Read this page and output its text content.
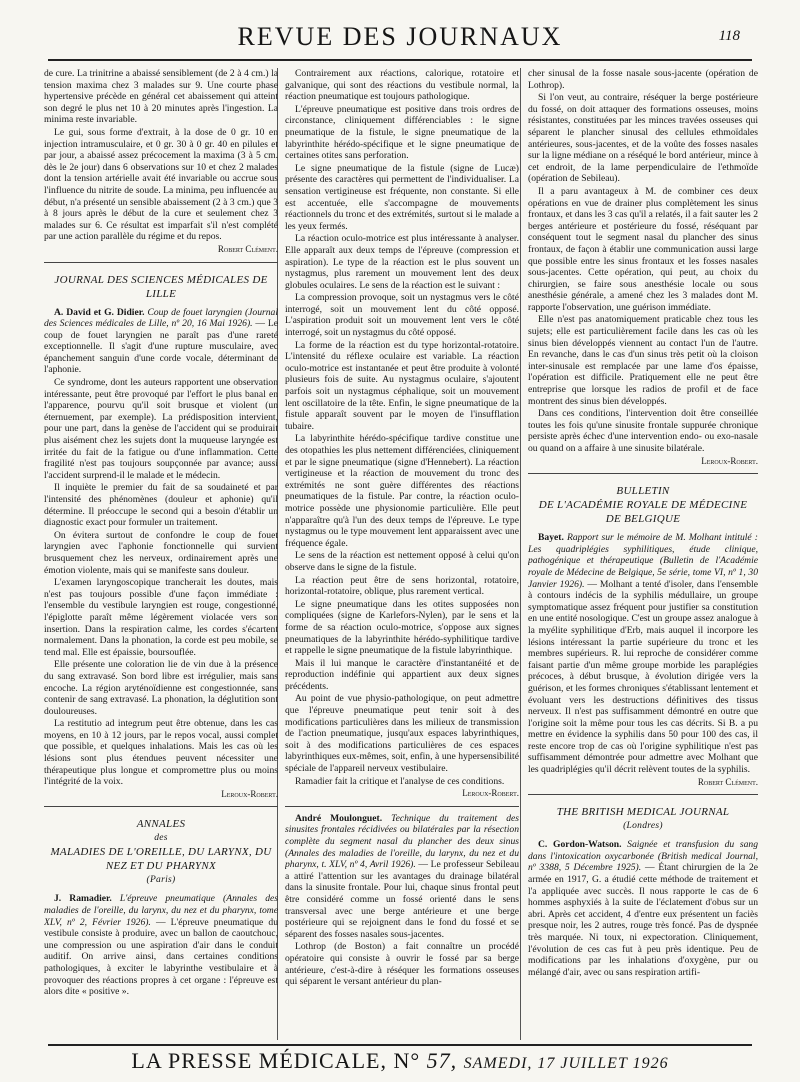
REVUE DES JOURNAUX	118

de cure. La trinitrine a abaissé sensiblement (de 2 à 4 cm.) la tension maxima chez 3 malades sur 9. Une courte phase hypertensive précède en général cet abaissement qui atteint son degré le plus net 10 à 20 minutes après l'ingestion. La minima reste invariable.

Le gui, sous forme d'extrait, à la dose de 0 gr. 10 en injection intramusculaire, et 0 gr. 30 à 0 gr. 40 en pilules et par jour, a abaissé assez précocement la maxima (3 à 5 cm. dès le 2e jour) dans 6 observations sur 10 et chez 2 malades dont la tension artérielle avait été invariable ou accrue sous l'influence du nitrite de soude. La minima, peu influencée au début, n'a présenté un sensible abaissement (2 à 3 cm.) que 3 à 8 jours après le début de la cure et seulement chez 3 malades sur 6. Ce résultat est imparfait s'il n'est complété par une action parallèle du régime et du repos.

Robert Clément.
JOURNAL DES SCIENCES MÉDICALES DE LILLE

A. David et G. Didier. Coup de fouet laryngien (Journal des Sciences médicales de Lille, nº 20, 16 Mai 1926). — Le coup de fouet laryngien ne paraît pas d'une rareté exceptionnelle. Il s'agit d'une rupture musculaire, avec épanchement sanguin d'une corde vocale, déterminant de l'aphonie.

Ce syndrome, dont les auteurs rapportent une observation intéressante, peut être provoqué par l'effort le plus banal en l'apparence, pourvu qu'il soit brusque et violent (un éternuement, par exemple). La prédisposition intervient, pour une part, dans la genèse de l'accident qui se produirait plus aisément chez les sujets dont la muqueuse laryngée est irritée du fait de la fatigue ou d'une inflammation. Cette fragilité n'est pas toujours soupçonnée par avance; aussi l'accident surprend-il le malade et le médecin.

Il inquiète le premier du fait de sa soudaineté et par l'intensité des phénomènes (douleur et aphonie) qu'il détermine. Il préoccupe le second qui a besoin d'établir un diagnostic exact pour formuler un traitement.

On évitera surtout de confondre le coup de fouet laryngien avec l'aphonie fonctionnelle qui survient brusquement chez les nerveux, ordinairement après une émotion violente, mais qui se manifeste sans douleur.

L'examen laryngoscopique trancherait les doutes, mais n'est pas toujours possible d'une façon immédiate : l'ensemble du vestibule laryngien est rouge, congestionné, l'épiglotte paraît même légèrement violacée vers son insertion. Dans la respiration calme, les cordes s'écartent normalement. Dans la phonation, la corde est peu mobile, se tend mal. Elle est épaissie, boursouflée.

Elle présente une coloration lie de vin due à la présence du sang extravasé. Son bord libre est irrégulier, mais sans encoche. La région aryténoïdienne est congestionnée, sans contenir de sang extravasé. La phonation, la déglutition sont douloureuses.

La restitutio ad integrum peut être obtenue, dans les cas moyens, en 10 à 12 jours, par le repos vocal, aussi complet que possible, et quelques inhalations. Mais les cas où les lésions sont plus étendues peuvent nécessiter une thérapeutique plus longue et compromettre plus ou moins l'intégrité de la voix.

Leroux-Robert.
ANNALES
des
MALADIES DE L'OREILLE, DU LARYNX, DU NEZ ET DU PHARYNX
(Paris)

J. Ramadier. L'épreuve pneumatique (Annales des maladies de l'oreille, du larynx, du nez et du pharynx, tome XLV, nº 2, Février 1926). — L'épreuve pneumatique du vestibule consiste à produire, avec un ballon de caoutchouc, une compression ou une aspiration d'air dans le conduit auditif. On arrive ainsi, dans certaines conditions pathologiques, à exciter le labyrinthe vestibulaire et à provoquer des réactions propres à cet organe : l'épreuve est alors dite « positive ».

Contrairement aux réactions, calorique, rotatoire et galvanique, qui sont des réactions du vestibule normal, la réaction pneumatique est toujours pathologique.

L'épreuve pneumatique est positive dans trois ordres de circonstance, cliniquement différenciables : le signe pneumatique de la fistule, le signe pneumatique de la labyrinthite hérédo-spécifique et le signe pneumatique de certaines otites sans perforation.

Le signe pneumatique de la fistule (signe de Lucæ) présente des caractères qui permettent de l'individualiser. La sensation vertigineuse est fréquente, non constante. Si elle est accentuée, elle s'accompagne de mouvements réactionnels du tronc et des extrémités, surtout si le malade a les yeux fermés.

La réaction oculo-motrice est plus intéressante à analyser. Elle apparaît aux deux temps de l'épreuve (compression et aspiration). Le type de la réaction est le plus souvent un nystagmus, plus rarement un mouvement lent des deux globules oculaires. Le sens de la réaction est le suivant :

La compression provoque, soit un nystagmus vers le côté interrogé, soit un mouvement lent du côté opposé. L'aspiration produit soit un mouvement lent vers le côté interrogé, soit un nystagmus du côté opposé.

La forme de la réaction est du type horizontal-rotatoire. L'intensité du réflexe oculaire est variable. La réaction oculo-motrice est instantanée et peut être produite à volonté plusieurs fois de suite. Au nystagmus oculaire, s'ajoutent parfois soit un nystagmus céphalique, soit un mouvement lent oscillatoire de la tête. Enfin, le signe pneumatique de la fistule apparaît souvent par le moyen de l'insufflation tubaire.

La labyrinthite hérédo-spécifique tardive constitue une des otopathies les plus nettement différenciées, cliniquement et par le signe pneumatique (signe d'Hennebert). La réaction vertigineuse et la réaction de mouvement du tronc des extrémités ne sont guère différentes des réactions pneumatiques de la fistule. Par contre, la réaction oculo-motrice possède une physionomie particulière. Elle peut n'apparaître qu'à l'un des deux temps de l'épreuve. Le type nystagmus ou le type mouvement lent apparaissent avec une fréquence égale.

Le sens de la réaction est nettement opposé à celui qu'on observe dans le signe de la fistule.

La réaction peut être de sens horizontal, rotatoire, horizontal-rotatoire, oblique, plus rarement vertical.

Le signe pneumatique dans les otites supposées non compliquées (signe de Karlefors-Nylen), par le sens et la forme de sa réaction oculo-motrice, s'oppose aux signes pneumatiques de la labyrinthite hérédo-syphilitique tardive et rappelle le signe pneumatique de la fistule labyrinthique.

Mais il lui manque le caractère d'instantanéité et de reproduction indéfinie qui appartient aux deux signes précédents.

Au point de vue physio-pathologique, on peut admettre que l'épreuve pneumatique peut tenir soit à des modifications particulières dans les milieux de transmission de l'action pneumatique, jusqu'aux espaces labyrinthiques, soit à des modifications particulières de ces espaces labyrinthiques eux-mêmes, soit, enfin, à une hypersensibilité spéciale de l'appareil nerveux vestibulaire.

Ramadier fait la critique et l'analyse de ces conditions.

Leroux-Robert.

André Moulonguet. Technique du traitement des sinusites frontales récidivées ou bilatérales par la résection complète du segment nasal du plancher des deux sinus (Annales des maladies de l'oreille, du larynx, du nez et du pharynx, t. XLV, nº 4, Avril 1926). — Le professeur Sebileau a attiré l'attention sur les avantages du drainage bilatéral dans la sinusite frontale. Pour lui, chaque sinus frontal peut être considéré comme un fossé orienté dans le sens transversal avec une berge antérieure et une berge postérieure qui se rejoignent dans le fond du fossé et se séparent des fosses nasales sous-jacentes.

Lothrop (de Boston) a fait connaître un procédé opératoire qui consiste à ouvrir le fossé par sa berge antérieure, c'est-à-dire à réséquer les formations osseuses qui séparent le versant antérieur du plan-

cher sinusal de la fosse nasale sous-jacente (opération de Lothrop).

Si l'on veut, au contraire, réséquer la berge postérieure du fossé, on doit attaquer des formations osseuses, moins résistantes, constituées par les minces travées osseuses qui séparent le plancher sinusal des cellules ethmoïdales antérieures, sous-jacentes, et de la voûte des fosses nasales sur la ligne médiane on a réséqué le bord antérieur, mince à cet endroit, de la lame perpendiculaire de l'ethmoïde (opération de Sebileau).

Il a paru avantageux à M. de combiner ces deux opérations en vue de drainer plus complètement les sinus frontaux, et dans les 3 cas qu'il a relatés, il a fait sauter les 2 berges antérieure et postérieure du fossé, réséquant par conséquent tout le segment nasal du plancher des sinus frontaux, de façon à établir une communication aussi large que possible entre les sinus frontaux et les fosses nasales sous-jacentes. Cette opération, qui peut, au choix du chirurgien, se faire sous anesthésie locale ou sous anesthésie générale, a amené chez les 3 malades dont M. rapporte l'observation, une guérison immédiate.

Elle n'est pas anatomiquement praticable chez tous les sujets; elle est particulièrement facile dans les cas où les sinus bien développés viennent au contact l'un de l'autre. En revanche, dans le cas d'un sinus très petit où la cloison inter-sinusale est remplacée par une lame d'os épaisse, l'opération est difficile. Pratiquement elle ne peut être entreprise que lorsque les radios de profil et de face montrent des sinus bien développés.

Dans ces conditions, l'intervention doit être conseillée toutes les fois qu'une sinusite frontale suppurée chronique persiste après échec d'une intervention endo- ou exo-nasale ou quand on a affaire à une sinusite bilatérale.

Leroux-Robert.
BULLETIN
DE L'ACADÉMIE ROYALE DE MÉDECINE
DE BELGIQUE

Bayet. Rapport sur le mémoire de M. Molhant intitulé : Les quadriplégies syphilitiques, étude clinique, pathogénique et thérapeutique (Bulletin de l'Académie royale de Médecine de Belgique, 5e série, tome VI, nº 1, 30 Janvier 1926). — Molhant a tenté d'isoler, dans l'ensemble à contours indécis de la syphilis médullaire, un groupe symptomatique assez fréquent pour justifier sa constitution en une entité nosologique. C'est un groupe assez analogue à la myélite syphilitique d'Erb, mais auquel il incorpore les lésions intéressant la partie supérieure du tronc et les membres supérieurs. R. lui reproche de considérer comme faisant partie d'un même groupe morbide les paraplégies précoces, à début brusque, à évolution dirigée vers la guérison, et les formes chroniques s'établissant lentement et évoluant vers les destructions définitives des tissus nerveux. Il n'est pas suffisamment démontré en outre que l'origine soit la même pour tous les cas décrits. Si B. a pu mettre en évidence la syphilis dans 50 pour 100 des cas, il reste encore trop de cas où l'origine syphilitique n'est pas suffisamment démontrée pour admettre avec Molhant que les quadriplégies qu'il décrit relèvent toutes de la syphilis.

Robert Clément.
THE BRITISH MEDICAL JOURNAL
(Londres)

C. Gordon-Watson. Saignée et transfusion du sang dans l'intoxication oxycarbonée (British medical Journal, nº 3388, 5 Décembre 1925). — Étant chirurgien de la 2e armée en 1917, G. a étudié cette méthode de traitement et l'a appliquée avec succès. Il nous rapporte le cas de 6 hommes asphyxiés à la suite de l'éclatement d'obus sur un abri. Après cet accident, 4 d'entre eux présentent un faciès presque noir, les 2 autres, rouge très foncé. Pas de dyspnée très marquée. Ni toux, ni expectoration. Cliniquement, l'évolution de ces cas fut à peu près identique. Peu de modifications par les inhalations d'oxygène, pur ou mélangé d'air, avec ou sans respiration artifi-

LA PRESSE MÉDICALE, N° 57, SAMEDI, 17 JUILLET 1926
